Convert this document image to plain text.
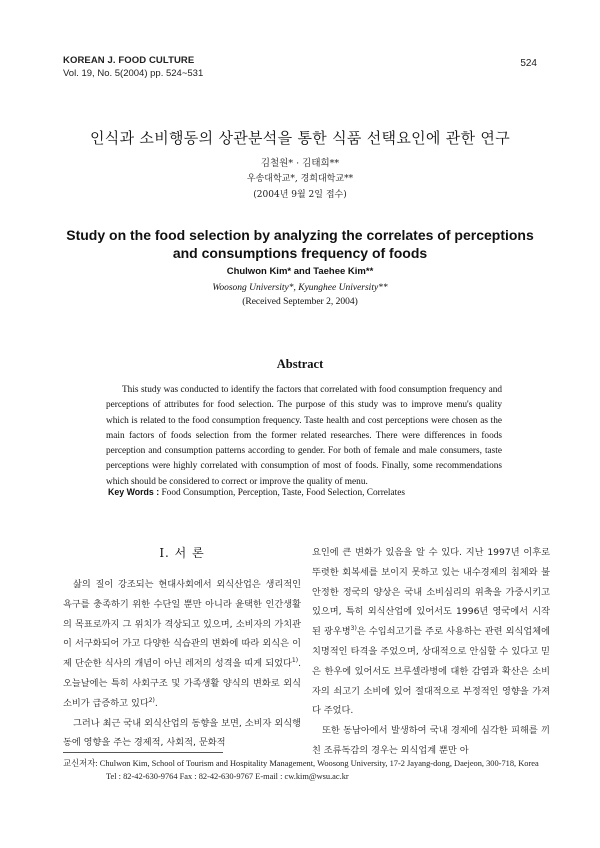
KOREAN J. FOOD CULTURE
Vol. 19, No. 5(2004) pp. 524~531
524
인식과 소비행동의 상관분석을 통한 식품 선택요인에 관한 연구
김철원* · 김태희**
우송대학교*, 경희대학교**
(2004년 9월 2일 접수)
Study on the food selection by analyzing the correlates of perceptions and consumptions frequency of foods
Chulwon Kim* and Taehee Kim**
Woosong University*, Kyunghee University**
(Received September 2, 2004)
Abstract
This study was conducted to identify the factors that correlated with food consumption frequency and perceptions of attributes for food selection. The purpose of this study was to improve menu's quality which is related to the food consumption frequency. Taste health and cost perceptions were chosen as the main factors of foods selection from the former related researches. There were differences in foods perception and consumption patterns according to gender. For both of female and male consumers, taste perceptions were highly correlated with consumption of most of foods. Finally, some recommendations which should be considered to correct or improve the quality of menu.
Key Words : Food Consumption, Perception, Taste, Food Selection, Correlates
I. 서 론

삶의 질이 강조되는 현대사회에서 외식산업은 생리적인 욕구를 충족하기 위한 수단일 뿐만 아니라 윤택한 인간생활의 목표로까지 그 위치가 격상되고 있으며, 소비자의 가치관이 서구화되어 가고 다양한 식습관의 변화에 따라 외식은 이제 단순한 식사의 개념이 아닌 레저의 성격을 띠게 되었다$^{1)}$. 오늘날에는 특히 사회구조 및 가족생활 양식의 변화로 외식소비가 급증하고 있다$^{2)}$.

그러나 최근 국내 외식산업의 동향을 보면, 소비자 외식행동에 영향을 주는 경제적, 사회적, 문화적

요인에 큰 변화가 있음을 알 수 있다. 지난 1997년 이후로 뚜렷한 회복세를 보이지 못하고 있는 내수경제의 침체와 불안정한 정국의 양상은 국내 소비심리의 위축을 가중시키고 있으며, 특히 외식산업에 있어서도 1996년 영국에서 시작된 광우병$^{3)}$은 수입쇠고기를 주로 사용하는 관련 외식업체에 치명적인 타격을 주었으며, 상대적으로 안심할 수 있다고 믿은 한우에 있어서도 브루셀라병에 대한 감염과 확산은 소비자의 쇠고기 소비에 있어 절대적으로 부정적인 영향을 가져다 주었다.

또한 동남아에서 발생하여 국내 경제에 심각한 피해를 끼친 조류독감의 경우는 외식업계 뿐만 아

교신저자: Chulwon Kim, School of Tourism and Hospitality Management, Woosong University, 17-2 Jayang-dong, Daejeon, 300-718, Korea
Tel : 82-42-630-9764 Fax : 82-42-630-9767 E-mail : cw.kim@wsu.ac.kr
